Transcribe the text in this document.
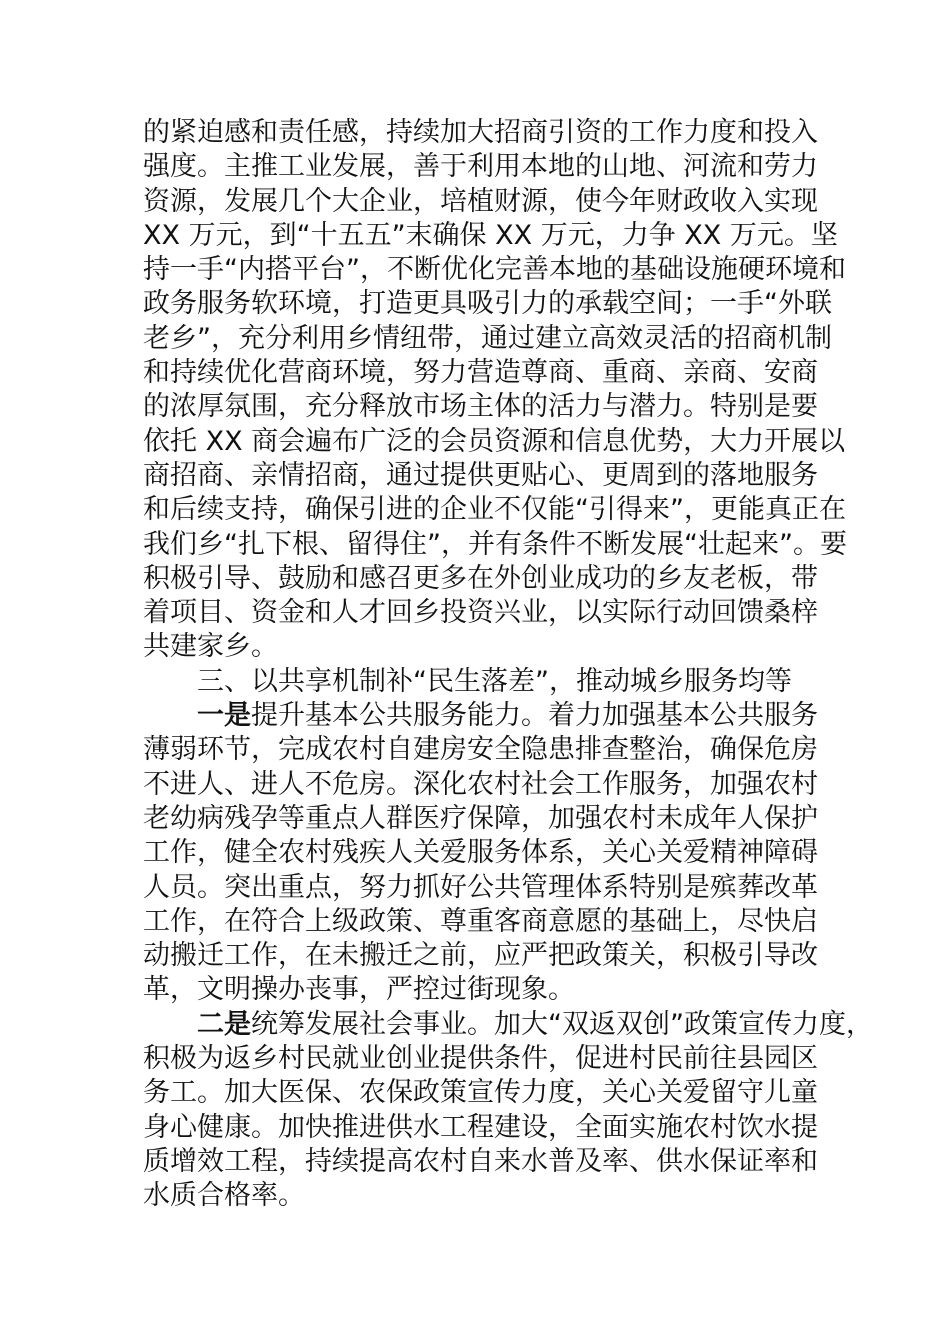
的紧迫感和责任感，持续加大招商引资的工作力度和投入
强度。主推工业发展，善于利用本地的山地、河流和劳力
资源，发展几个大企业，培植财源，使今年财政收入实现
XX 万元，到“十五五”末确保 XX 万元，力争 XX 万元。坚
持一手“内搭平台”，不断优化完善本地的基础设施硬环境和
政务服务软环境，打造更具吸引力的承载空间；一手“外联
老乡”，充分利用乡情纽带，通过建立高效灵活的招商机制
和持续优化营商环境，努力营造尊商、重商、亲商、安商
的浓厚氛围，充分释放市场主体的活力与潜力。特别是要
依托 XX 商会遍布广泛的会员资源和信息优势，大力开展以
商招商、亲情招商，通过提供更贴心、更周到的落地服务
和后续支持，确保引进的企业不仅能“引得来”，更能真正在
我们乡“扎下根、留得住”，并有条件不断发展“壮起来”。要
积极引导、鼓励和感召更多在外创业成功的乡友老板，带
着项目、资金和人才回乡投资兴业，以实际行动回馈桑梓
共建家乡。
三、以共享机制补“民生落差”，推动城乡服务均等
一是提升基本公共服务能力。着力加强基本公共服务
薄弱环节，完成农村自建房安全隐患排查整治，确保危房
不进人、进人不危房。深化农村社会工作服务，加强农村
老幼病残孕等重点人群医疗保障，加强农村未成年人保护
工作，健全农村残疾人关爱服务体系，关心关爱精神障碍
人员。突出重点，努力抓好公共管理体系特别是殡葬改革
工作，在符合上级政策、尊重客商意愿的基础上，尽快启
动搬迁工作，在未搬迁之前，应严把政策关，积极引导改
革，文明操办丧事，严控过街现象。
二是统筹发展社会事业。加大“双返双创”政策宣传力度，
积极为返乡村民就业创业提供条件，促进村民前往县园区
务工。加大医保、农保政策宣传力度，关心关爱留守儿童
身心健康。加快推进供水工程建设，全面实施农村饮水提
质增效工程，持续提高农村自来水普及率、供水保证率和
水质合格率。
